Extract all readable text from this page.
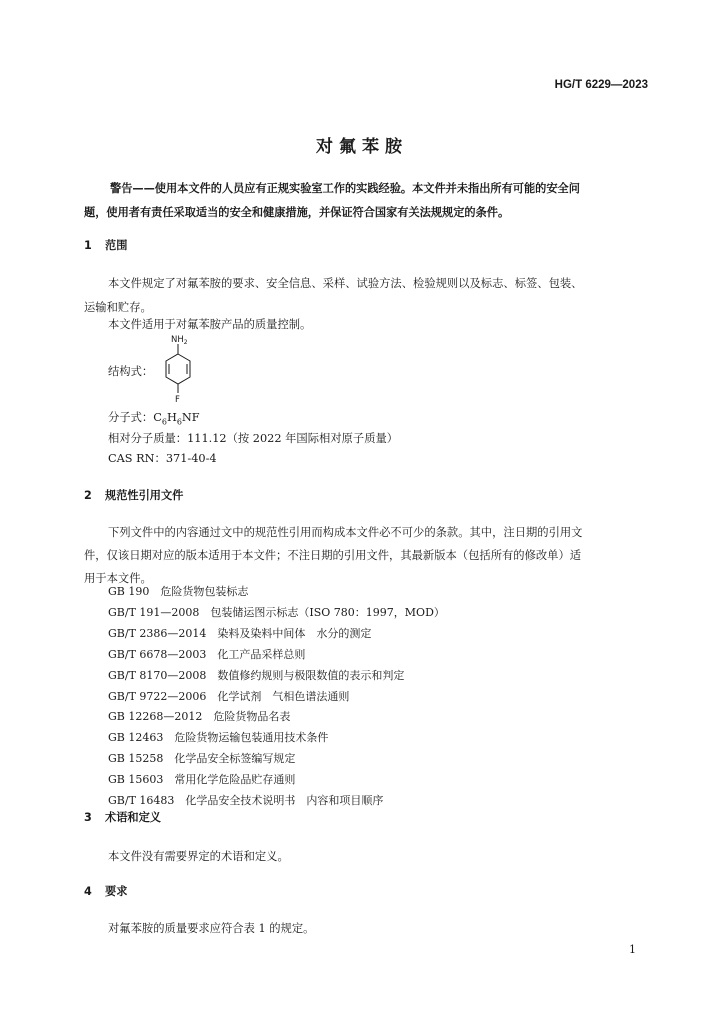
HG/T 6229—2023
对氟苯胺
警告——使用本文件的人员应有正规实验室工作的实践经验。本文件并未指出所有可能的安全问
题，使用者有责任采取适当的安全和健康措施，并保证符合国家有关法规规定的条件。
1 范围
本文件规定了对氟苯胺的要求、安全信息、采样、试验方法、检验规则以及标志、标签、包装、
运输和贮存。
本文件适用于对氟苯胺产品的质量控制。
结构式：
$NH_2$
F
分子式：$C_6H_6NF$
相对分子质量：111.12（按 2022 年国际相对原子质量）
CAS RN：371-40-4
2 规范性引用文件
下列文件中的内容通过文中的规范性引用而构成本文件必不可少的条款。其中，注日期的引用文
件，仅该日期对应的版本适用于本文件；不注日期的引用文件，其最新版本（包括所有的修改单）适
用于本文件。
GB 190　危险货物包装标志
GB/T 191—2008　包装储运图示标志（ISO 780：1997，MOD）
GB/T 2386—2014　染料及染料中间体　水分的测定
GB/T 6678—2003　化工产品采样总则
GB/T 8170—2008　数值修约规则与极限数值的表示和判定
GB/T 9722—2006　化学试剂　气相色谱法通则
GB 12268—2012　危险货物品名表
GB 12463　危险货物运输包装通用技术条件
GB 15258　化学品安全标签编写规定
GB 15603　常用化学危险品贮存通则
GB/T 16483　化学品安全技术说明书　内容和项目顺序
3 术语和定义
本文件没有需要界定的术语和定义。
4 要求
对氟苯胺的质量要求应符合表 1 的规定。
1
